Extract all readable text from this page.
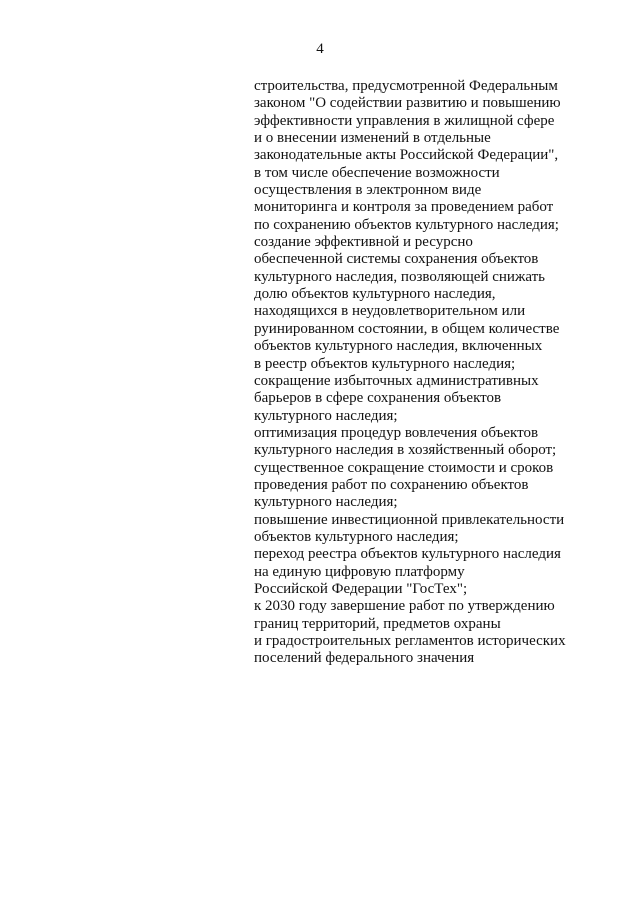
4
строительства, предусмотренной Федеральным
законом "О содействии развитию и повышению
эффективности управления в жилищной сфере
и о внесении изменений в отдельные
законодательные акты Российской Федерации",
в том числе обеспечение возможности
осуществления в электронном виде
мониторинга и контроля за проведением работ
по сохранению объектов культурного наследия;
создание эффективной и ресурсно
обеспеченной системы сохранения объектов
культурного наследия, позволяющей снижать
долю объектов культурного наследия,
находящихся в неудовлетворительном или
руинированном состоянии, в общем количестве
объектов культурного наследия, включенных
в реестр объектов культурного наследия;
сокращение избыточных административных
барьеров в сфере сохранения объектов
культурного наследия;
оптимизация процедур вовлечения объектов
культурного наследия в хозяйственный оборот;
существенное сокращение стоимости и сроков
проведения работ по сохранению объектов
культурного наследия;
повышение инвестиционной привлекательности
объектов культурного наследия;
переход реестра объектов культурного наследия
на единую цифровую платформу
Российской Федерации "ГосТех";
к 2030 году завершение работ по утверждению
границ территорий, предметов охраны
и градостроительных регламентов исторических
поселений федерального значения
